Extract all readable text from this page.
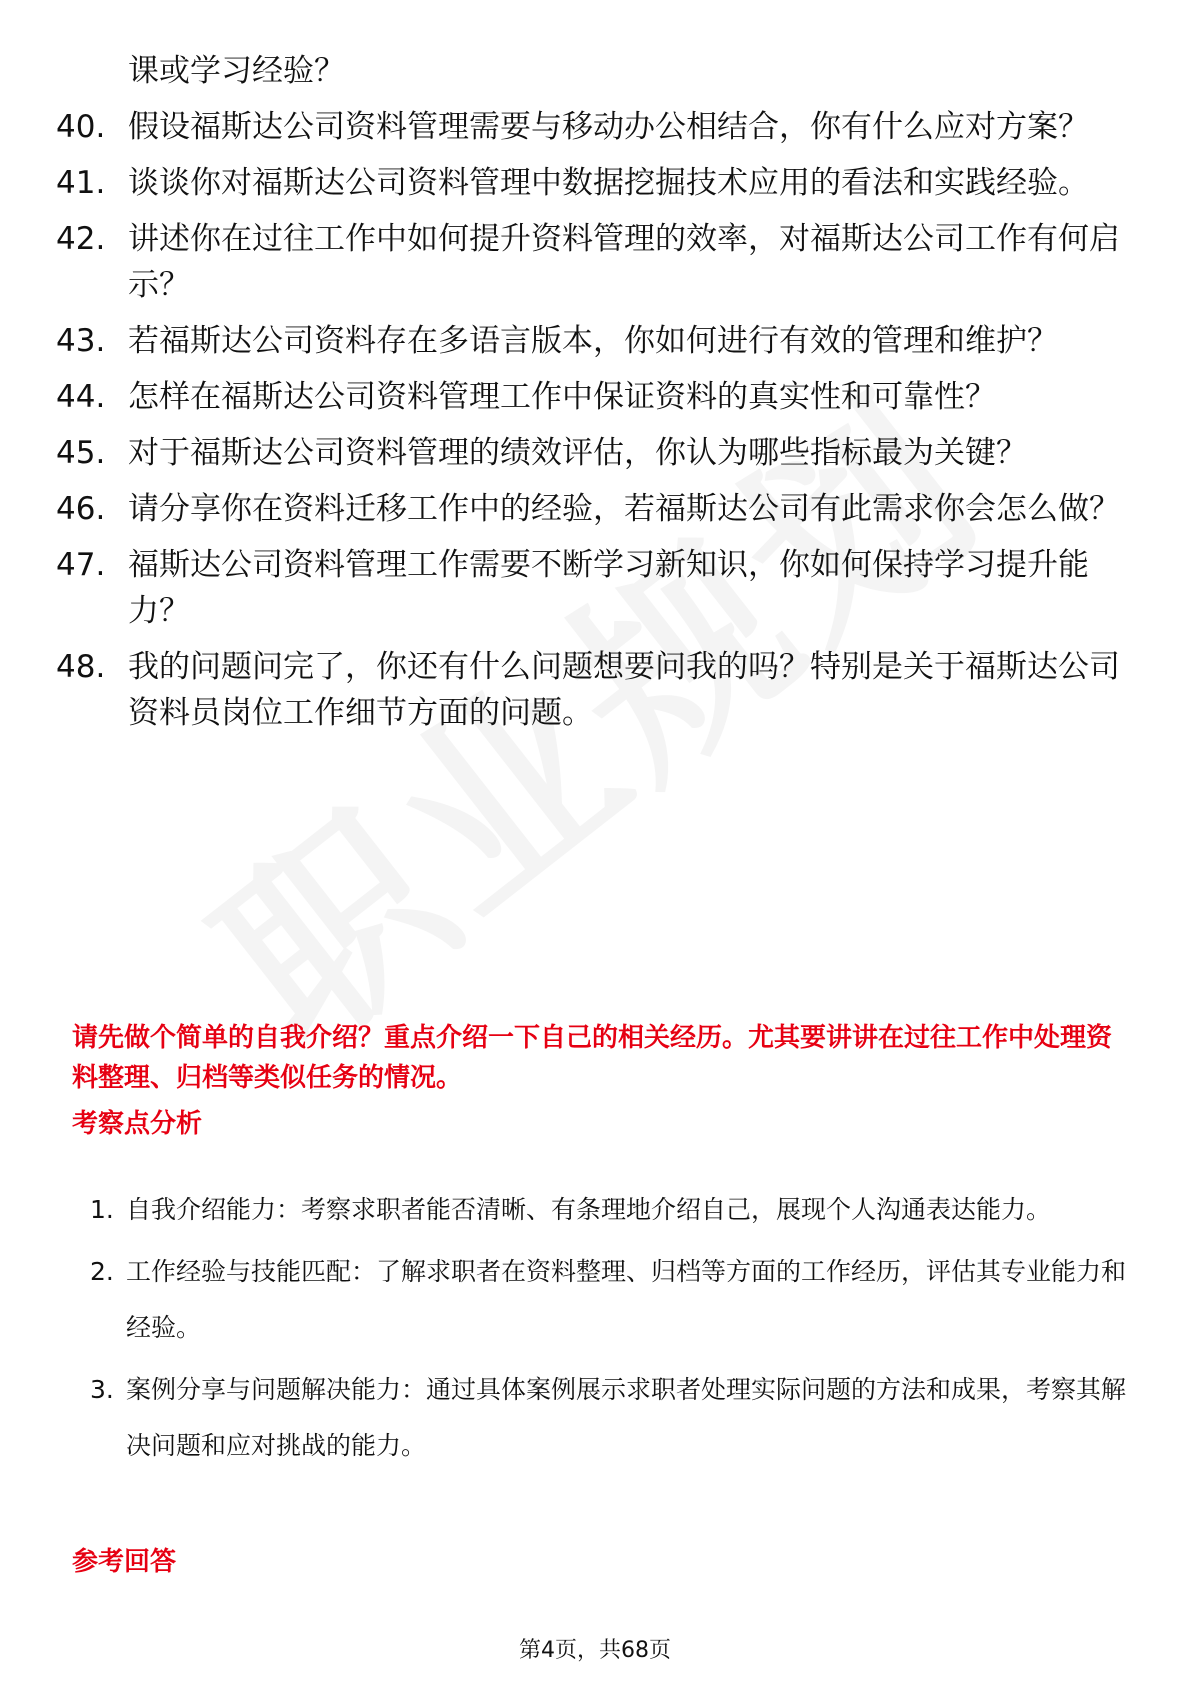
课或学习经验？
40. 假设福斯达公司资料管理需要与移动办公相结合，你有什么应对方案？
41. 谈谈你对福斯达公司资料管理中数据挖掘技术应用的看法和实践经验。
42. 讲述你在过往工作中如何提升资料管理的效率，对福斯达公司工作有何启示？
43. 若福斯达公司资料存在多语言版本，你如何进行有效的管理和维护？
44. 怎样在福斯达公司资料管理工作中保证资料的真实性和可靠性？
45. 对于福斯达公司资料管理的绩效评估，你认为哪些指标最为关键？
46. 请分享你在资料迁移工作中的经验，若福斯达公司有此需求你会怎么做？
47. 福斯达公司资料管理工作需要不断学习新知识，你如何保持学习提升能力？
48. 我的问题问完了，你还有什么问题想要问我的吗？特别是关于福斯达公司资料员岗位工作细节方面的问题。
请先做个简单的自我介绍？重点介绍一下自己的相关经历。尤其要讲讲在过往工作中处理资料整理、归档等类似任务的情况。
考察点分析
1. 自我介绍能力：考察求职者能否清晰、有条理地介绍自己，展现个人沟通表达能力。
2. 工作经验与技能匹配：了解求职者在资料整理、归档等方面的工作经历，评估其专业能力和经验。
3. 案例分享与问题解决能力：通过具体案例展示求职者处理实际问题的方法和成果，考察其解决问题和应对挑战的能力。
参考回答
第4页，共68页
